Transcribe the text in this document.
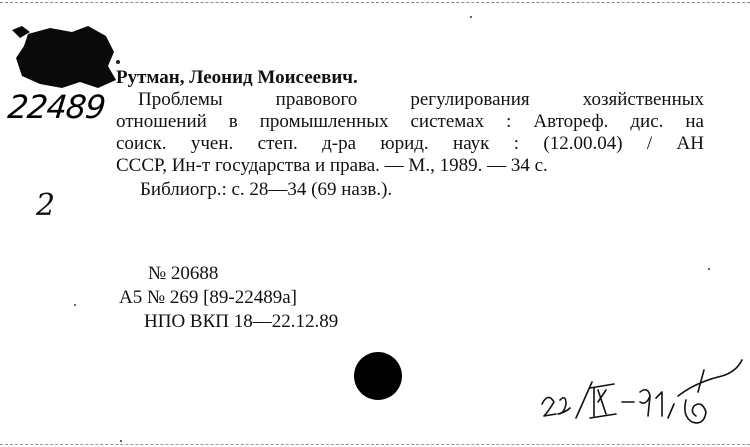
22489
2
Рутман, Леонид Моисеевич.
Проблемы правового регулирования хозяйственных
отношений в промышленных системах : Автореф. дис. на
соиск. учен. степ. д-ра юрид. наук : (12.00.04) / АН
СССР, Ин-т государства и права. — М., 1989. — 34 с.
Библиогр.: с. 28—34 (69 назв.).
№ 20688
А5 № 269 [89-22489а]
НПО ВКП 18—22.12.89
